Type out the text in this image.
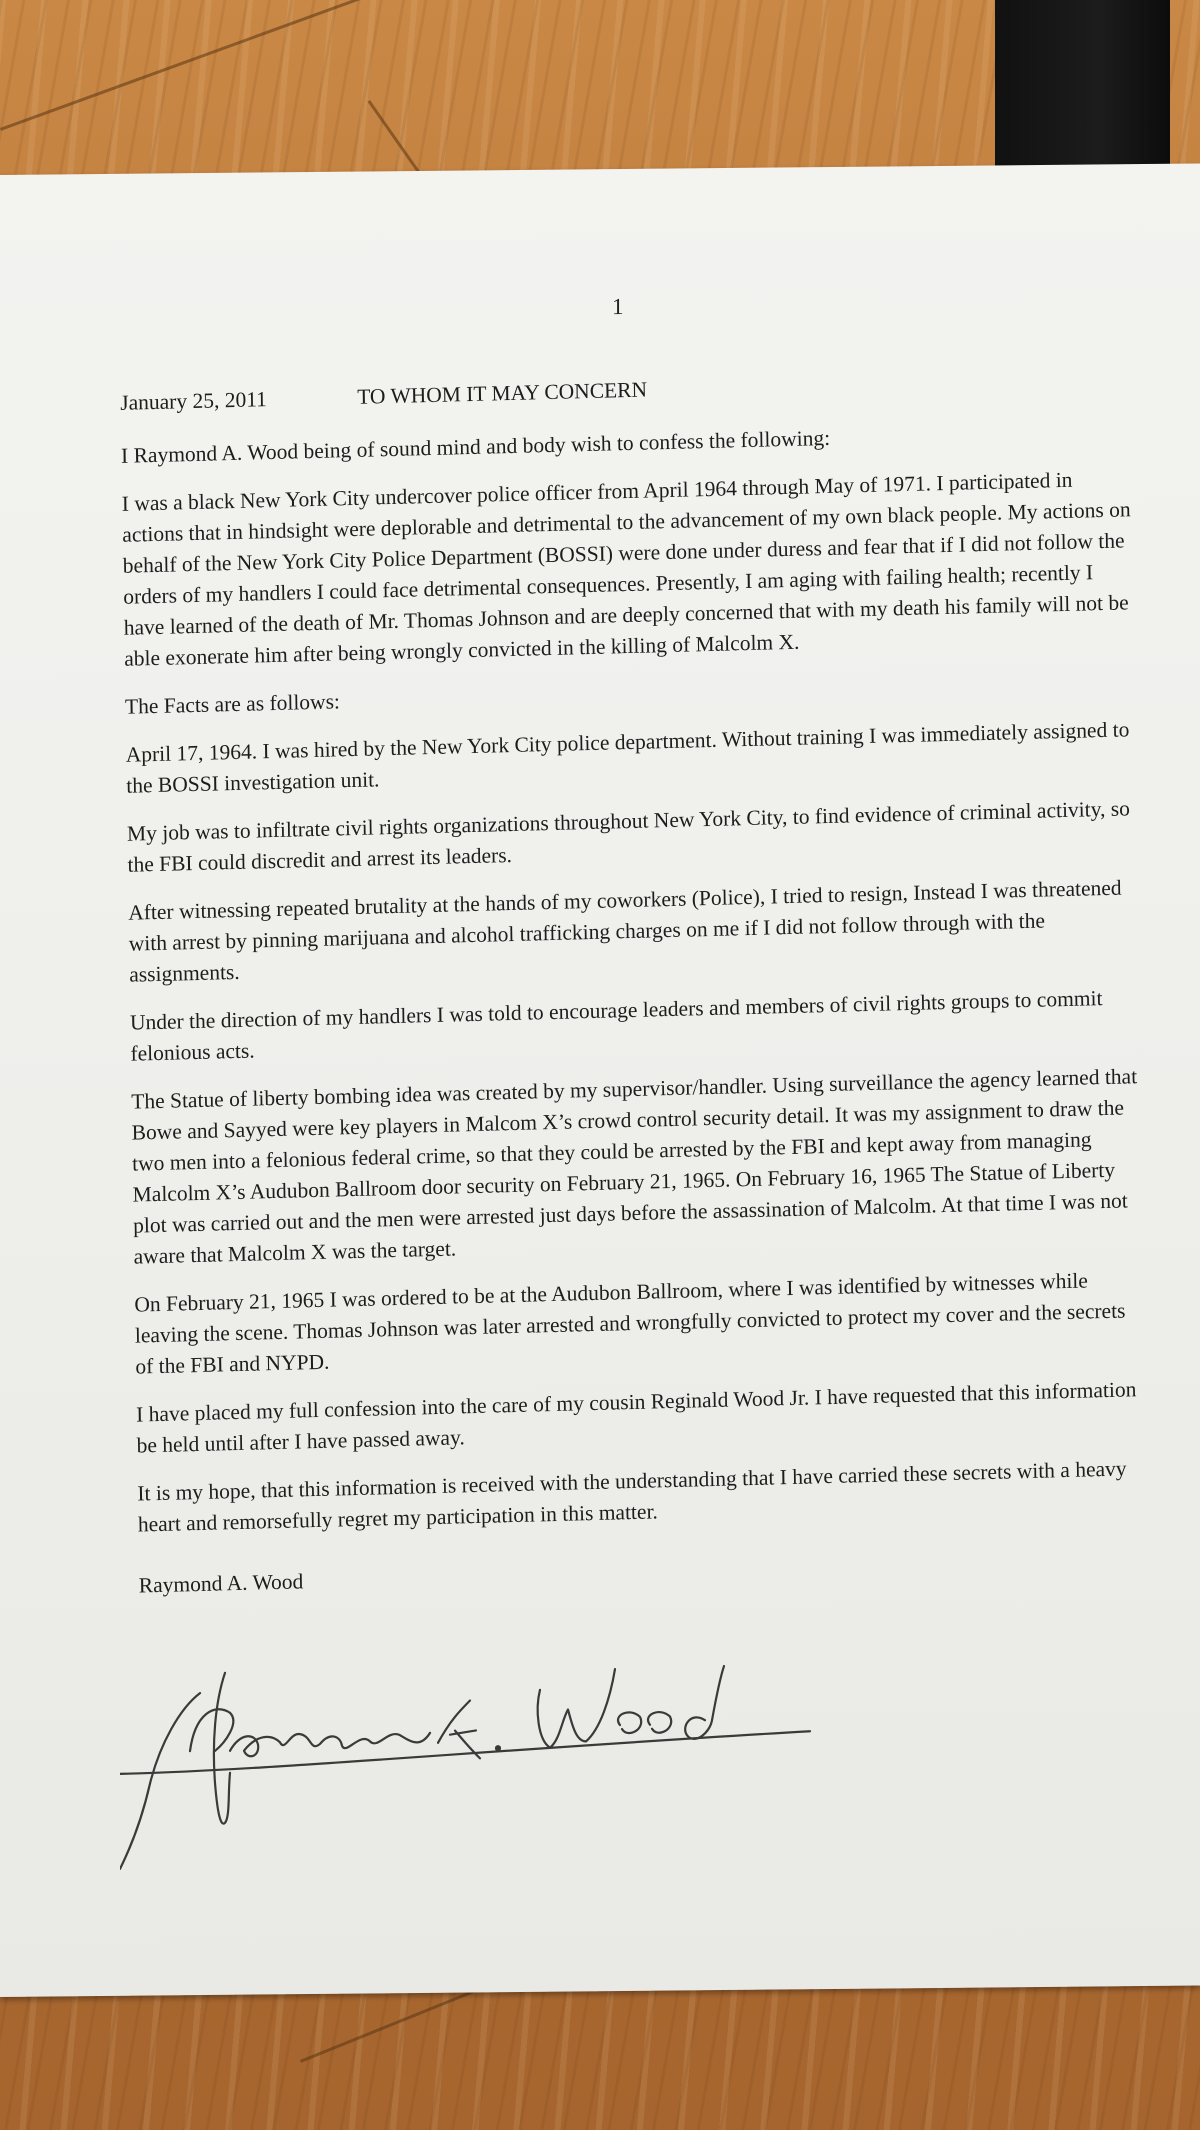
1
January 25, 2011	TO WHOM IT MAY CONCERN

I Raymond A. Wood being of sound mind and body wish to confess the following:

I was a black New York City undercover police officer from April 1964 through May of 1971. I participated in actions that in hindsight were deplorable and detrimental to the advancement of my own black people. My actions on behalf of the New York City Police Department (BOSSI) were done under duress and fear that if I did not follow the orders of my handlers I could face detrimental consequences. Presently, I am aging with failing health; recently I have learned of the death of Mr. Thomas Johnson and are deeply concerned that with my death his family will not be able exonerate him after being wrongly convicted in the killing of Malcolm X.

The Facts are as follows:

April 17, 1964. I was hired by the New York City police department. Without training I was immediately assigned to the BOSSI investigation unit.

My job was to infiltrate civil rights organizations throughout New York City, to find evidence of criminal activity, so the FBI could discredit and arrest its leaders.

After witnessing repeated brutality at the hands of my coworkers (Police), I tried to resign, Instead I was threatened with arrest by pinning marijuana and alcohol trafficking charges on me if I did not follow through with the assignments.

Under the direction of my handlers I was told to encourage leaders and members of civil rights groups to commit felonious acts.

The Statue of liberty bombing idea was created by my supervisor/handler. Using surveillance the agency learned that Bowe and Sayyed were key players in Malcom X’s crowd control security detail. It was my assignment to draw the two men into a felonious federal crime, so that they could be arrested by the FBI and kept away from managing Malcolm X’s Audubon Ballroom door security on February 21, 1965. On February 16, 1965 The Statue of Liberty plot was carried out and the men were arrested just days before the assassination of Malcolm. At that time I was not aware that Malcolm X was the target.

On February 21, 1965 I was ordered to be at the Audubon Ballroom, where I was identified by witnesses while leaving the scene. Thomas Johnson was later arrested and wrongfully convicted to protect my cover and the secrets of the FBI and NYPD.

I have placed my full confession into the care of my cousin Reginald Wood Jr. I have requested that this information be held until after I have passed away.

It is my hope, that this information is received with the understanding that I have carried these secrets with a heavy heart and remorsefully regret my participation in this matter.

Raymond A. Wood
